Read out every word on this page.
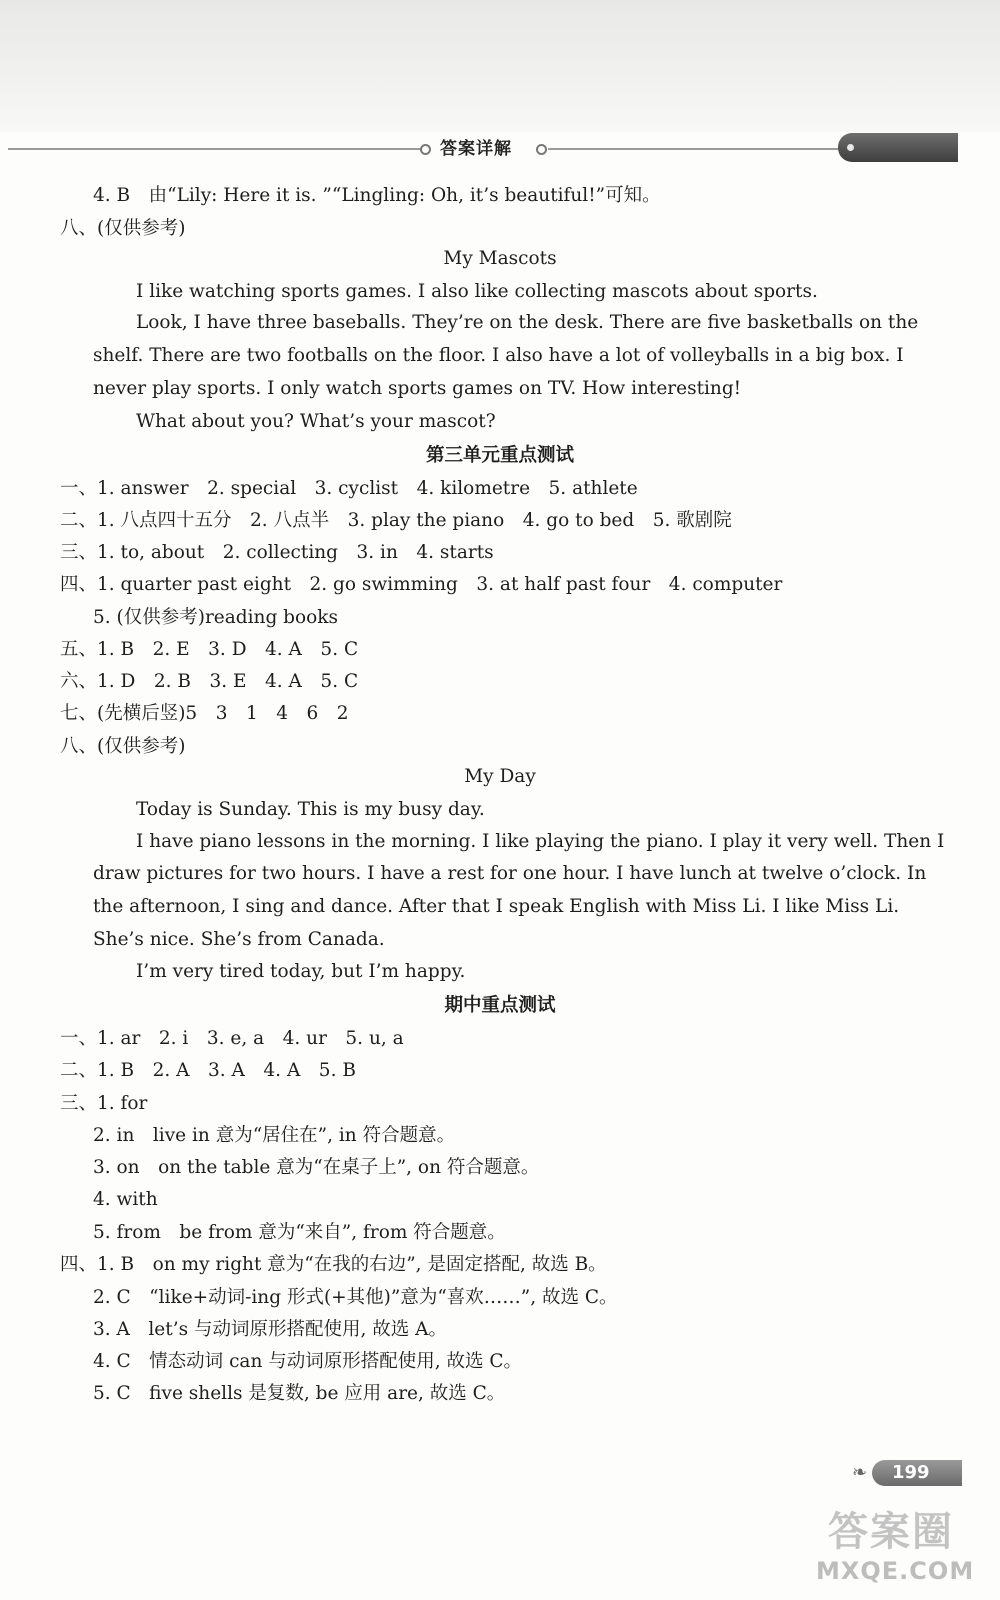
答案详解
4. B　由“Lily: Here it is. ”“Lingling: Oh, it’s beautiful!”可知。
八、(仅供参考)
My Mascots
I like watching sports games. I also like collecting mascots about sports.
Look, I have three baseballs. They’re on the desk. There are five basketballs on the
shelf. There are two footballs on the floor. I also have a lot of volleyballs in a big box. I
never play sports. I only watch sports games on TV. How interesting!
What about you? What’s your mascot?
第三单元重点测试
一、1. answer　2. special　3. cyclist　4. kilometre　5. athlete
二、1. 八点四十五分　2. 八点半　3. play the piano　4. go to bed　5. 歌剧院
三、1. to, about　2. collecting　3. in　4. starts
四、1. quarter past eight　2. go swimming　3. at half past four　4. computer
5. (仅供参考)reading books
五、1. B　2. E　3. D　4. A　5. C
六、1. D　2. B　3. E　4. A　5. C
七、(先横后竖)5　3　1　4　6　2
八、(仅供参考)
My Day
Today is Sunday. This is my busy day.
I have piano lessons in the morning. I like playing the piano. I play it very well. Then I
draw pictures for two hours. I have a rest for one hour. I have lunch at twelve o’clock. In
the afternoon, I sing and dance. After that I speak English with Miss Li. I like Miss Li.
She’s nice. She’s from Canada.
I’m very tired today, but I’m happy.
期中重点测试
一、1. ar　2. i　3. e, a　4. ur　5. u, a
二、1. B　2. A　3. A　4. A　5. B
三、1. for
2. in　live in 意为“居住在”, in 符合题意。
3. on　on the table 意为“在桌子上”, on 符合题意。
4. with
5. from　be from 意为“来自”, from 符合题意。
四、1. B　on my right 意为“在我的右边”, 是固定搭配, 故选 B。
2. C　“like+动词-ing 形式(+其他)”意为“喜欢……”, 故选 C。
3. A　let’s 与动词原形搭配使用, 故选 A。
4. C　情态动词 can 与动词原形搭配使用, 故选 C。
5. C　five shells 是复数, be 应用 are, 故选 C。
❧	199
答案圈
MXQE.COM
